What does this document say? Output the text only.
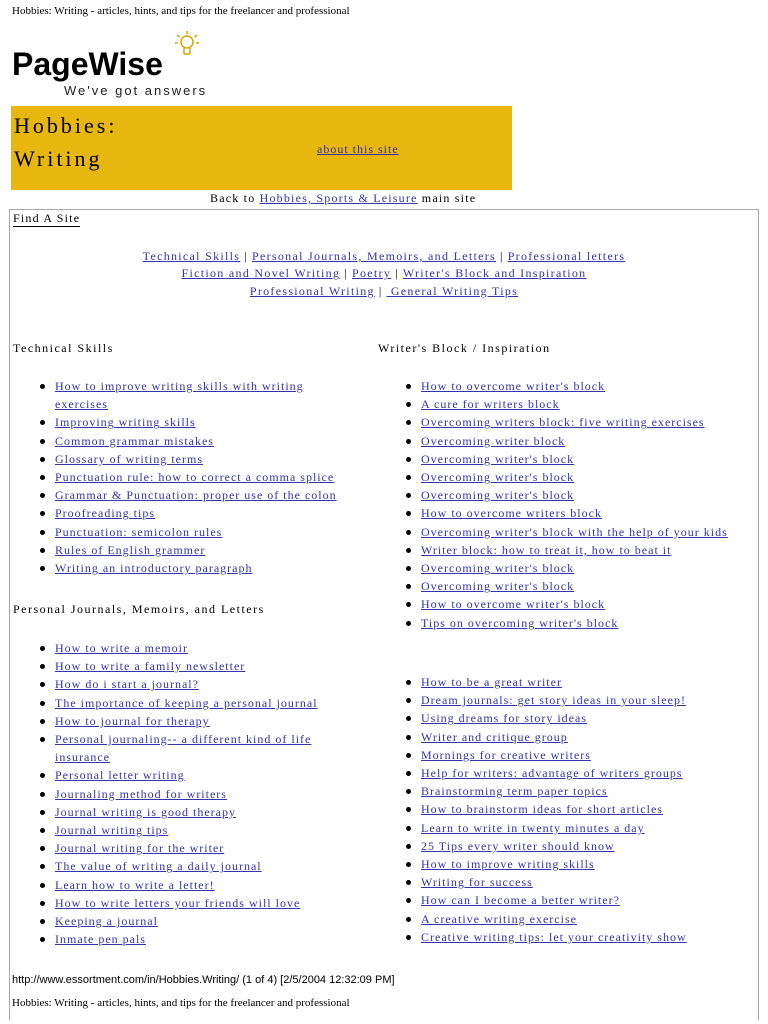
Hobbies: Writing - articles, hints, and tips for the freelancer and professional
PageWise
We've got answers
Hobbies:
Writing	about this site
Back to Hobbies, Sports & Leisure main site
Find A Site
Technical Skills | Personal Journals, Memoirs, and Letters | Professional letters
Fiction and Novel Writing | Poetry | Writer's Block and Inspiration
Professional Writing | General Writing Tips
Technical Skills
How to improve writing skills with writing exercises
Improving writing skills
Common grammar mistakes
Glossary of writing terms
Punctuation rule: how to correct a comma splice
Grammar & Punctuation: proper use of the colon
Proofreading tips
Punctuation: semicolon rules
Rules of English grammer
Writing an introductory paragraph
Personal Journals, Memoirs, and Letters
How to write a memoir
How to write a family newsletter
How do i start a journal?
The importance of keeping a personal journal
How to journal for therapy
Personal journaling-- a different kind of life insurance
Personal letter writing
Journaling method for writers
Journal writing is good therapy
Journal writing tips
Journal writing for the writer
The value of writing a daily journal
Learn how to write a letter!
How to write letters your friends will love
Keeping a journal
Inmate pen pals
Writer's Block / Inspiration
How to overcome writer's block
A cure for writers block
Overcoming writers block: five writing exercises
Overcoming writer block
Overcoming writer's block
Overcoming writer's block
Overcoming writer's block
How to overcome writers block
Overcoming writer's block with the help of your kids
Writer block: how to treat it, how to beat it
Overcoming writer's block
Overcoming writer's block
How to overcome writer's block
Tips on overcoming writer's block
How to be a great writer
Dream journals: get story ideas in your sleep!
Using dreams for story ideas
Writer and critique group
Mornings for creative writers
Help for writers: advantage of writers groups
Brainstorming term paper topics
How to brainstorm ideas for short articles
Learn to write in twenty minutes a day
25 Tips every writer should know
How to improve writing skills
Writing for success
How can I become a better writer?
A creative writing exercise
Creative writing tips: let your creativity show
http://www.essortment.com/in/Hobbies.Writing/ (1 of 4) [2/5/2004 12:32:09 PM]
Hobbies: Writing - articles, hints, and tips for the freelancer and professional
